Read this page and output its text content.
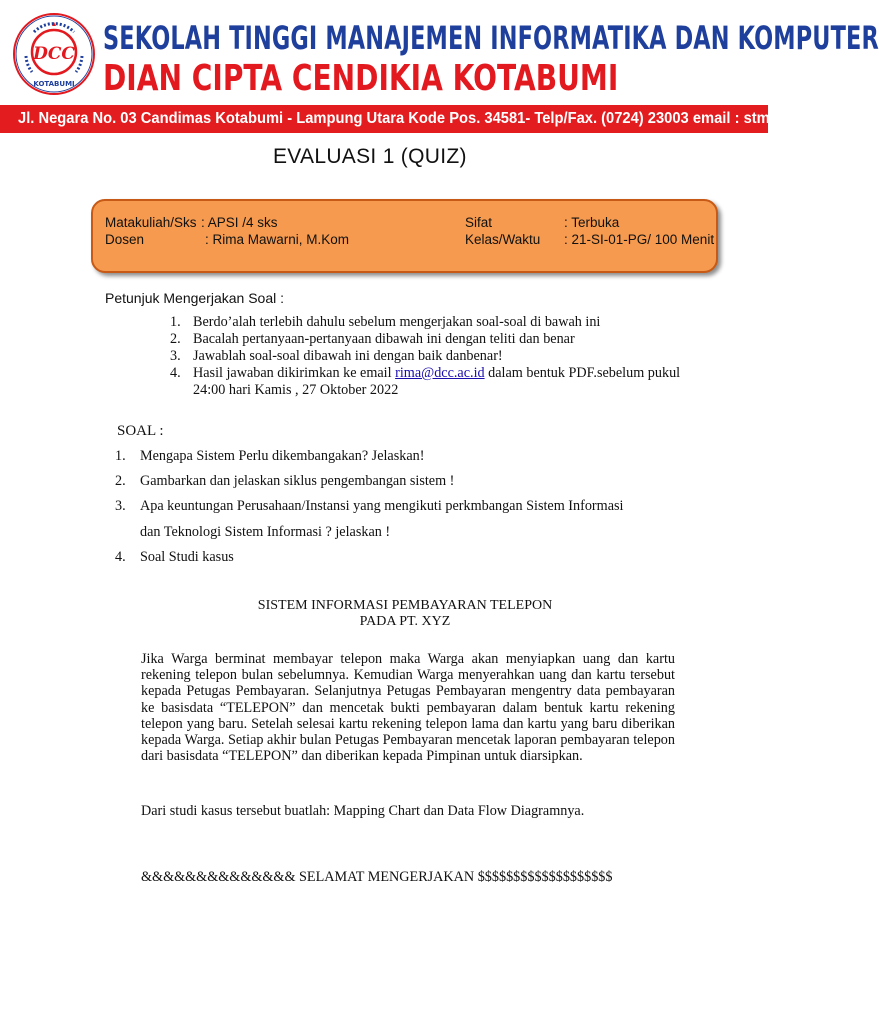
DCC
KOTABUMI
SEKOLAH TINGGI MANAJEMEN INFORMATIKA DAN KOMPUTER
DIAN CIPTA CENDIKIA KOTABUMI
Jl. Negara No. 03 Candimas Kotabumi - Lampung Utara Kode Pos. 34581- Telp/Fax. (0724) 23003 email : stmik@dcc.ac.id
EVALUASI 1 (QUIZ)
Matakuliah/Sks : APSI /4 sks	Sifat	: Terbuka
Dosen	: Rima Mawarni, M.Kom	Kelas/Waktu : 21-SI-01-PG/ 100 Menit
Petunjuk Mengerjakan Soal :
1. Berdo’alah terlebih dahulu sebelum mengerjakan soal-soal di bawah ini
2. Bacalah pertanyaan-pertanyaan dibawah ini dengan teliti dan benar
3. Jawablah soal-soal dibawah ini dengan baik danbenar!
4. Hasil jawaban dikirimkan ke email rima@dcc.ac.id dalam bentuk PDF.sebelum pukul 24:00 hari Kamis , 27 Oktober 2022
SOAL :
1. Mengapa Sistem Perlu dikembangakan? Jelaskan!
2. Gambarkan dan jelaskan siklus pengembangan sistem !
3. Apa keuntungan Perusahaan/Instansi yang mengikuti perkmbangan Sistem Informasi
dan Teknologi Sistem Informasi ? jelaskan !
4. Soal Studi kasus
SISTEM INFORMASI PEMBAYARAN TELEPON
PADA PT. XYZ
Jika Warga berminat membayar telepon maka Warga akan menyiapkan uang dan kartu rekening telepon bulan sebelumnya. Kemudian Warga menyerahkan uang dan kartu tersebut kepada Petugas Pembayaran. Selanjutnya Petugas Pembayaran mengentry data pembayaran ke basisdata “TELEPON” dan mencetak bukti pembayaran dalam bentuk kartu rekening telepon yang baru. Setelah selesai kartu rekening telepon lama dan kartu yang baru diberikan kepada Warga. Setiap akhir bulan Petugas Pembayaran mencetak laporan pembayaran telepon dari basisdata “TELEPON” dan diberikan kepada Pimpinan untuk diarsipkan.
Dari studi kasus tersebut buatlah: Mapping Chart dan Data Flow Diagramnya.
&&&&&&&&&&&&&& SELAMAT MENGERJAKAN $$$$$$$$$$$$$$$$$$$
